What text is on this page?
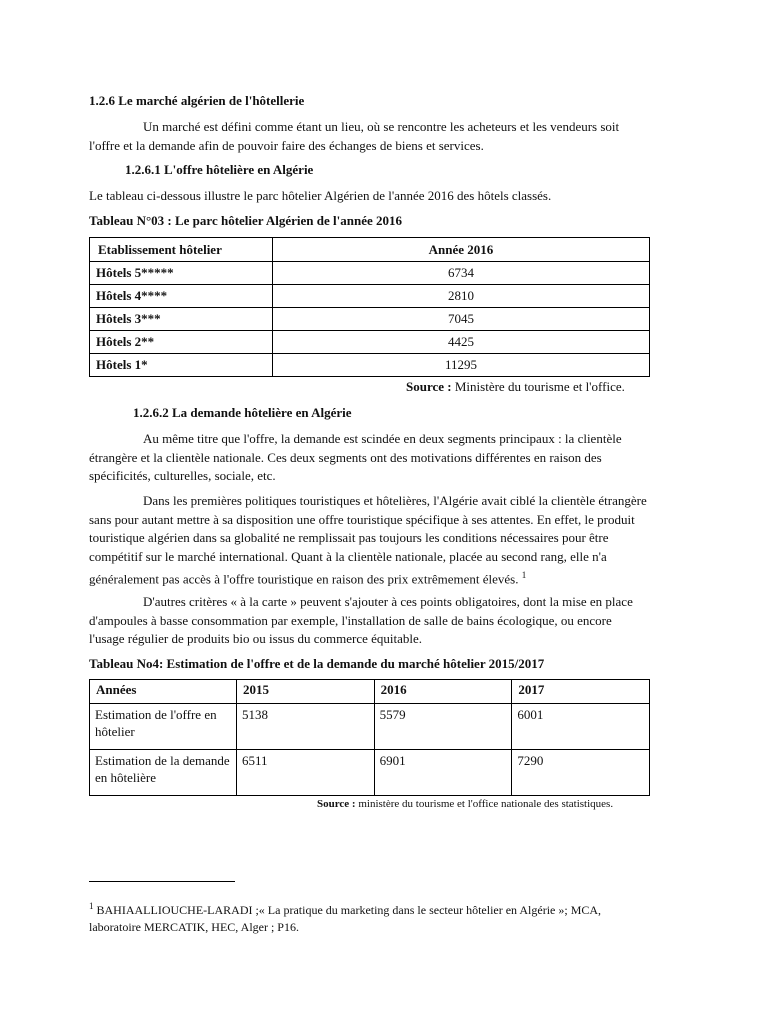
1.2.6 Le marché algérien de l'hôtellerie

Un marché est défini comme étant un lieu, où se rencontre les acheteurs et les vendeurs soit l'offre et la demande afin de pouvoir faire des échanges de biens et services.

1.2.6.1 L'offre hôtelière en Algérie

Le tableau ci-dessous illustre le parc hôtelier Algérien de l'année 2016 des hôtels classés.

Tableau N°03 : Le parc hôtelier Algérien de l'année 2016
Etablissement hôtelier	Année 2016
Hôtels 5*****	6734
Hôtels 4****	2810
Hôtels 3***	7045
Hôtels 2**	4425
Hôtels 1*	11295
Source : Ministère du tourisme et l'office.
1.2.6.2 La demande hôtelière en Algérie

Au même titre que l'offre, la demande est scindée en deux segments principaux : la clientèle étrangère et la clientèle nationale. Ces deux segments ont des motivations différentes en raison des spécificités, culturelles, sociale, etc.

Dans les premières politiques touristiques et hôtelières, l'Algérie avait ciblé la clientèle étrangère sans pour autant mettre à sa disposition une offre touristique spécifique à ses attentes. En effet, le produit touristique algérien dans sa globalité ne remplissait pas toujours les conditions nécessaires pour être compétitif sur le marché international. Quant à la clientèle nationale, placée au second rang, elle n'a généralement pas accès à l'offre touristique en raison des prix extrêmement élevés. $^1$

D'autres critères « à la carte » peuvent s'ajouter à ces points obligatoires, dont la mise en place d'ampoules à basse consommation par exemple, l'installation de salle de bains écologique, ou encore l'usage régulier de produits bio ou issus du commerce équitable.

Tableau No4: Estimation de l'offre et de la demande du marché hôtelier 2015/2017
Années	2015	2016	2017
Estimation de l'offre en hôtelier	5138	5579	6001
Estimation de la demande en hôtelière	6511	6901	7290
Source : ministère du tourisme et l'office nationale des statistiques.
$^1$ BAHIAALLIOUCHE-LARADI ;« La pratique du marketing dans le secteur hôtelier en Algérie »; MCA, laboratoire MERCATIK, HEC, Alger ; P16.
